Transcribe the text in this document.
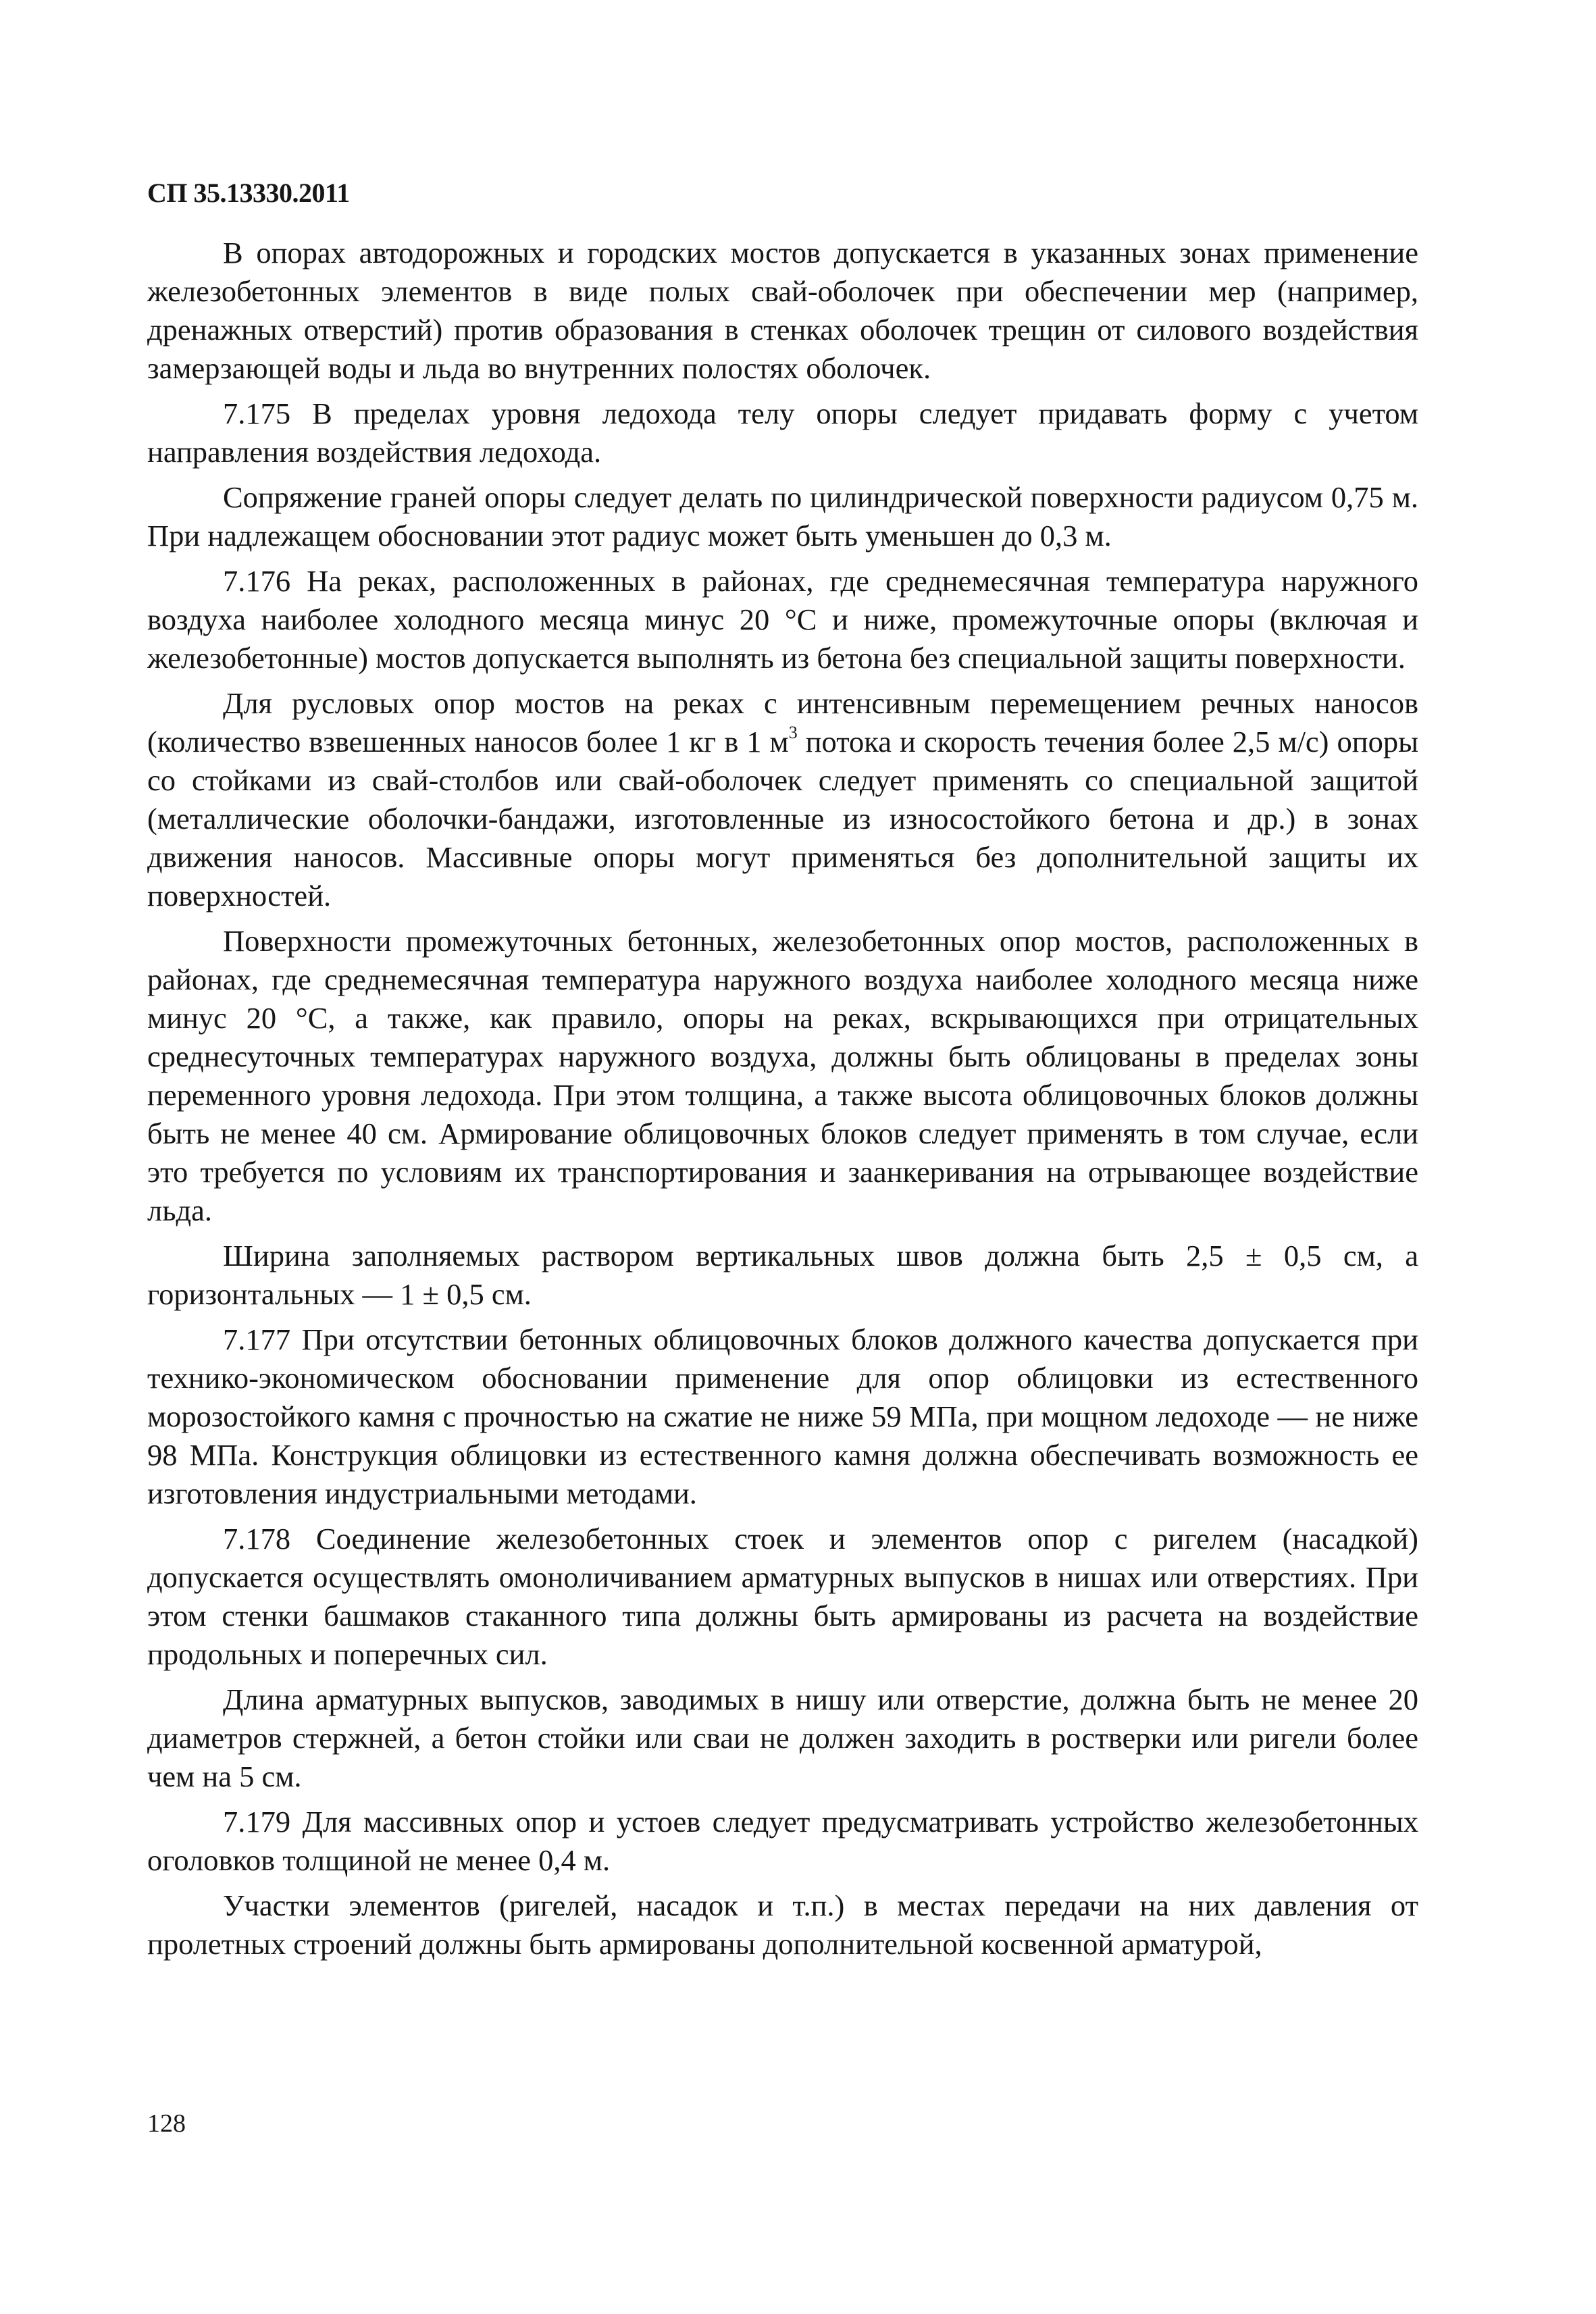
СП 35.13330.2011

В опорах автодорожных и городских мостов допускается в указанных зонах применение железобетонных элементов в виде полых свай-оболочек при обеспечении мер (например, дренажных отверстий) против образования в стенках оболочек трещин от силового воздействия замерзающей воды и льда во внутренних полостях оболочек.

7.175 В пределах уровня ледохода телу опоры следует придавать форму с учетом направления воздействия ледохода.

Сопряжение граней опоры следует делать по цилиндрической поверхности радиусом 0,75 м. При надлежащем обосновании этот радиус может быть уменьшен до 0,3 м.

7.176 На реках, расположенных в районах, где среднемесячная температура наружного воздуха наиболее холодного месяца минус 20 °С и ниже, промежуточные опоры (включая и железобетонные) мостов допускается выполнять из бетона без специальной защиты поверхности.

Для русловых опор мостов на реках с интенсивным перемещением речных наносов (количество взвешенных наносов более 1 кг в 1 $м^3$ потока и скорость течения более 2,5 м/с) опоры со стойками из свай-столбов или свай-оболочек следует применять со специальной защитой (металлические оболочки-бандажи, изготовленные из износостойкого бетона и др.) в зонах движения наносов. Массивные опоры могут применяться без дополнительной защиты их поверхностей.

Поверхности промежуточных бетонных, железобетонных опор мостов, расположенных в районах, где среднемесячная температура наружного воздуха наиболее холодного месяца ниже минус 20 °С, а также, как правило, опоры на реках, вскрывающихся при отрицательных среднесуточных температурах наружного воздуха, должны быть облицованы в пределах зоны переменного уровня ледохода. При этом толщина, а также высота облицовочных блоков должны быть не менее 40 см. Армирование облицовочных блоков следует применять в том случае, если это требуется по условиям их транспортирования и заанкеривания на отрывающее воздействие льда.

Ширина заполняемых раствором вертикальных швов должна быть 2,5 ± 0,5 см, а горизонтальных — 1 ± 0,5 см.

7.177 При отсутствии бетонных облицовочных блоков должного качества допускается при технико-экономическом обосновании применение для опор облицовки из естественного морозостойкого камня с прочностью на сжатие не ниже 59 МПа, при мощном ледоходе — не ниже 98 МПа. Конструкция облицовки из естественного камня должна обеспечивать возможность ее изготовления индустриальными методами.

7.178 Соединение железобетонных стоек и элементов опор с ригелем (насадкой) допускается осуществлять омоноличиванием арматурных выпусков в нишах или отверстиях. При этом стенки башмаков стаканного типа должны быть армированы из расчета на воздействие продольных и поперечных сил.

Длина арматурных выпусков, заводимых в нишу или отверстие, должна быть не менее 20 диаметров стержней, а бетон стойки или сваи не должен заходить в ростверки или ригели более чем на 5 см.

7.179 Для массивных опор и устоев следует предусматривать устройство железобетонных оголовков толщиной не менее 0,4 м.

Участки элементов (ригелей, насадок и т.п.) в местах передачи на них давления от пролетных строений должны быть армированы дополнительной косвенной арматурой,

128
